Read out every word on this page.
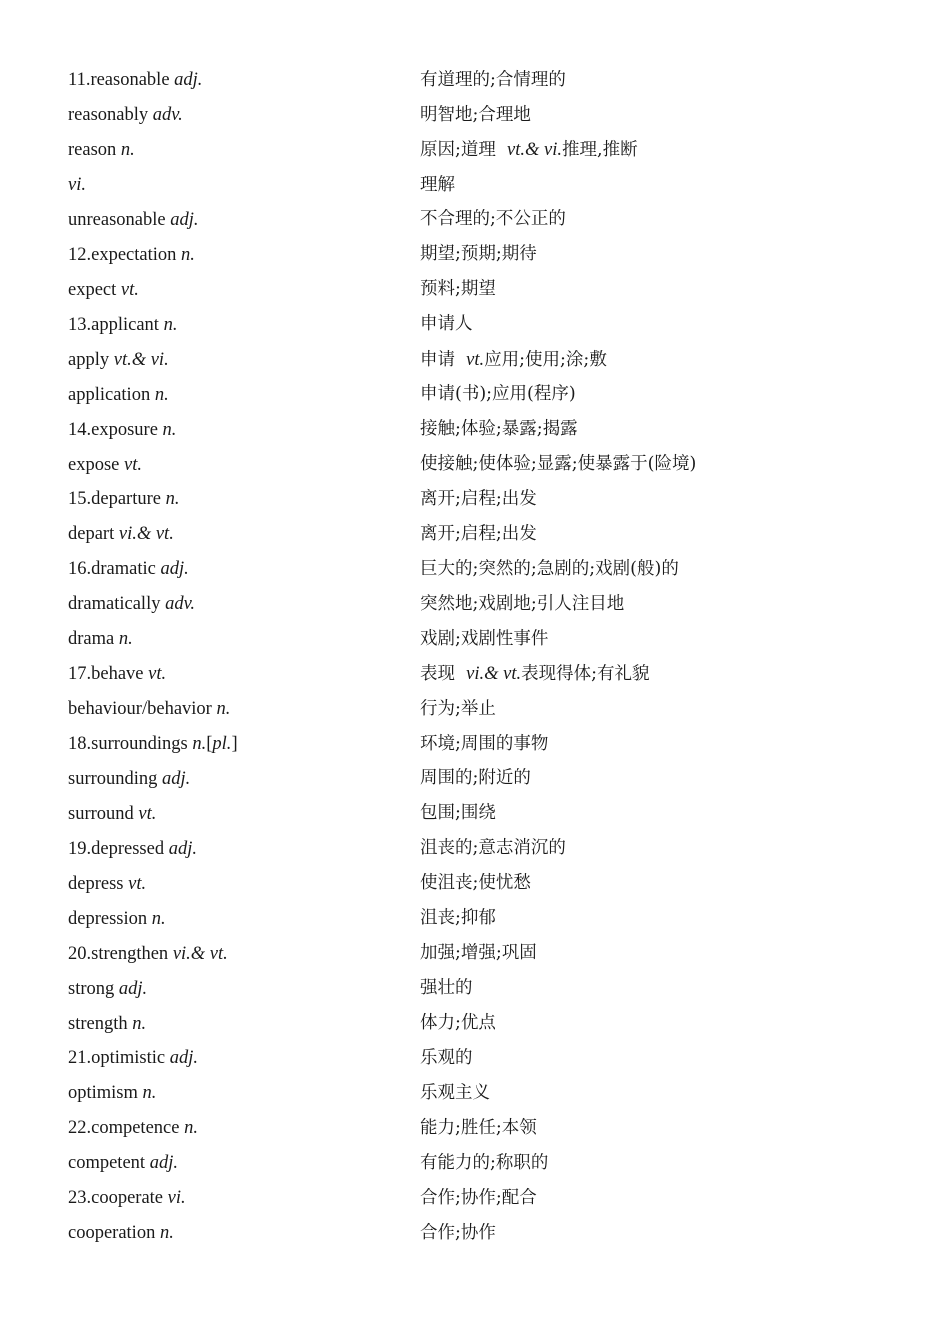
11.reasonable adj.	有道理的;合情理的
reasonably adv.	明智地;合理地
reason n.	原因;道理  vt.& vi.推理,推断
vi.	理解
unreasonable adj.	不合理的;不公正的
12.expectation n.	期望;预期;期待
expect vt.	预料;期望
13.applicant n.	申请人
apply vt.& vi.	申请  vt.应用;使用;涂;敷
application n.	申请(书);应用(程序)
14.exposure n.	接触;体验;暴露;揭露
expose vt.	使接触;使体验;显露;使暴露于(险境)
15.departure n.	离开;启程;出发
depart vi.& vt.	离开;启程;出发
16.dramatic adj.	巨大的;突然的;急剧的;戏剧(般)的
dramatically adv.	突然地;戏剧地;引人注目地
drama n.	戏剧;戏剧性事件
17.behave vt.	表现  vi.& vt.表现得体;有礼貌
behaviour/behavior n.	行为;举止
18.surroundings n.[pl.]	环境;周围的事物
surrounding adj.	周围的;附近的
surround vt.	包围;围绕
19.depressed adj.	沮丧的;意志消沉的
depress vt.	使沮丧;使忧愁
depression n.	沮丧;抑郁
20.strengthen vi.& vt.	加强;增强;巩固
strong adj.	强壮的
strength n.	体力;优点
21.optimistic adj.	乐观的
optimism n.	乐观主义
22.competence n.	能力;胜任;本领
competent adj.	有能力的;称职的
23.cooperate vi.	合作;协作;配合
cooperation n.	合作;协作
